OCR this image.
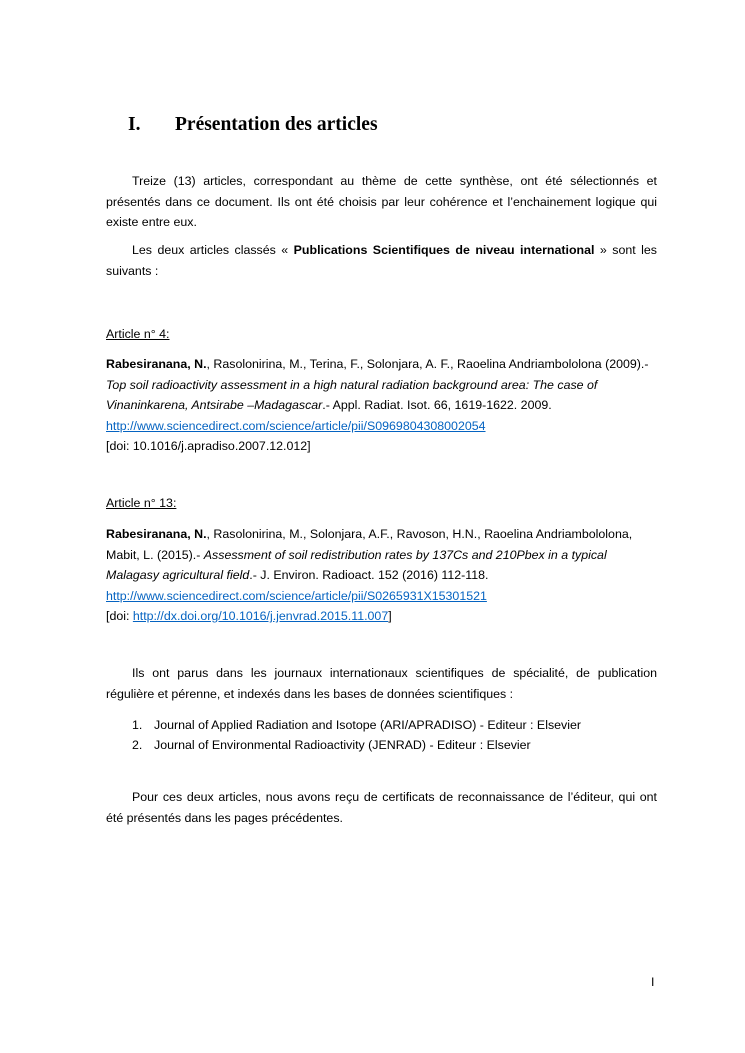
I. Présentation des articles
Treize (13) articles, correspondant au thème de cette synthèse, ont été sélectionnés et présentés dans ce document. Ils ont été choisis par leur cohérence et l’enchainement logique qui existe entre eux.
Les deux articles classés « Publications Scientifiques de niveau international » sont les suivants :
Article n° 4:
Rabesiranana, N., Rasolonirina, M., Terina, F., Solonjara, A. F., Raoelina Andriambololona (2009).-
Top soil radioactivity assessment in a high natural radiation background area: The case of Vinaninkarena, Antsirabe –Madagascar.- Appl. Radiat. Isot. 66, 1619-1622. 2009.
http://www.sciencedirect.com/science/article/pii/S0969804308002054
[doi: 10.1016/j.apradiso.2007.12.012]
Article n° 13:
Rabesiranana, N., Rasolonirina, M., Solonjara, A.F., Ravoson, H.N., Raoelina Andriambololona, Mabit, L. (2015).- Assessment of soil redistribution rates by 137Cs and 210Pbex in a typical Malagasy agricultural field.- J. Environ. Radioact. 152 (2016) 112-118.
http://www.sciencedirect.com/science/article/pii/S0265931X15301521
[doi: http://dx.doi.org/10.1016/j.jenvrad.2015.11.007]
Ils ont parus dans les journaux internationaux scientifiques de spécialité, de publication régulière et pérenne, et indexés dans les bases de données scientifiques :
1. Journal of Applied Radiation and Isotope (ARI/APRADISO) - Editeur : Elsevier
2. Journal of Environmental Radioactivity (JENRAD) - Editeur : Elsevier
Pour ces deux articles, nous avons reçu de certificats de reconnaissance de l’éditeur, qui ont été présentés dans les pages précédentes.
I
